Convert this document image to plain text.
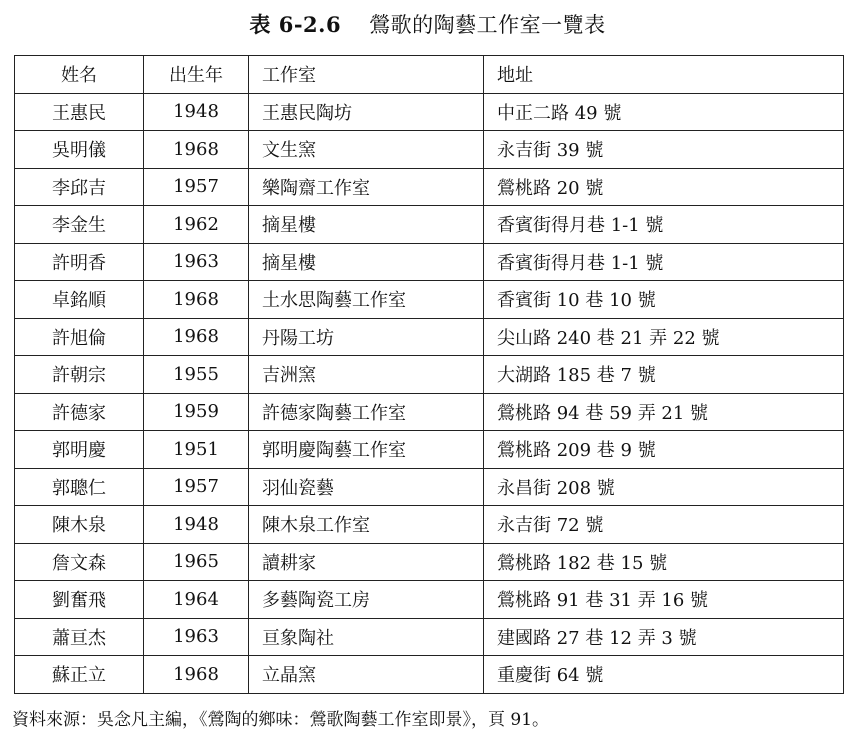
表 6-2.6 鶯歌的陶藝工作室一覽表
姓名	出生年	工作室	地址
王惠民	1948	王惠民陶坊	中正二路 49 號
吳明儀	1968	文生窯	永吉街 39 號
李邱吉	1957	樂陶齋工作室	鶯桃路 20 號
李金生	1962	摘星樓	香賓街得月巷 1-1 號
許明香	1963	摘星樓	香賓街得月巷 1-1 號
卓銘順	1968	土水思陶藝工作室	香賓街 10 巷 10 號
許旭倫	1968	丹陽工坊	尖山路 240 巷 21 弄 22 號
許朝宗	1955	吉洲窯	大湖路 185 巷 7 號
許德家	1959	許德家陶藝工作室	鶯桃路 94 巷 59 弄 21 號
郭明慶	1951	郭明慶陶藝工作室	鶯桃路 209 巷 9 號
郭聰仁	1957	羽仙瓷藝	永昌街 208 號
陳木泉	1948	陳木泉工作室	永吉街 72 號
詹文森	1965	讀耕家	鶯桃路 182 巷 15 號
劉奮飛	1964	多藝陶瓷工房	鶯桃路 91 巷 31 弄 16 號
蕭亘杰	1963	亘象陶社	建國路 27 巷 12 弄 3 號
蘇正立	1968	立晶窯	重慶街 64 號
資料來源：吳念凡主編，《鶯陶的鄉味：鶯歌陶藝工作室即景》，頁 91。
